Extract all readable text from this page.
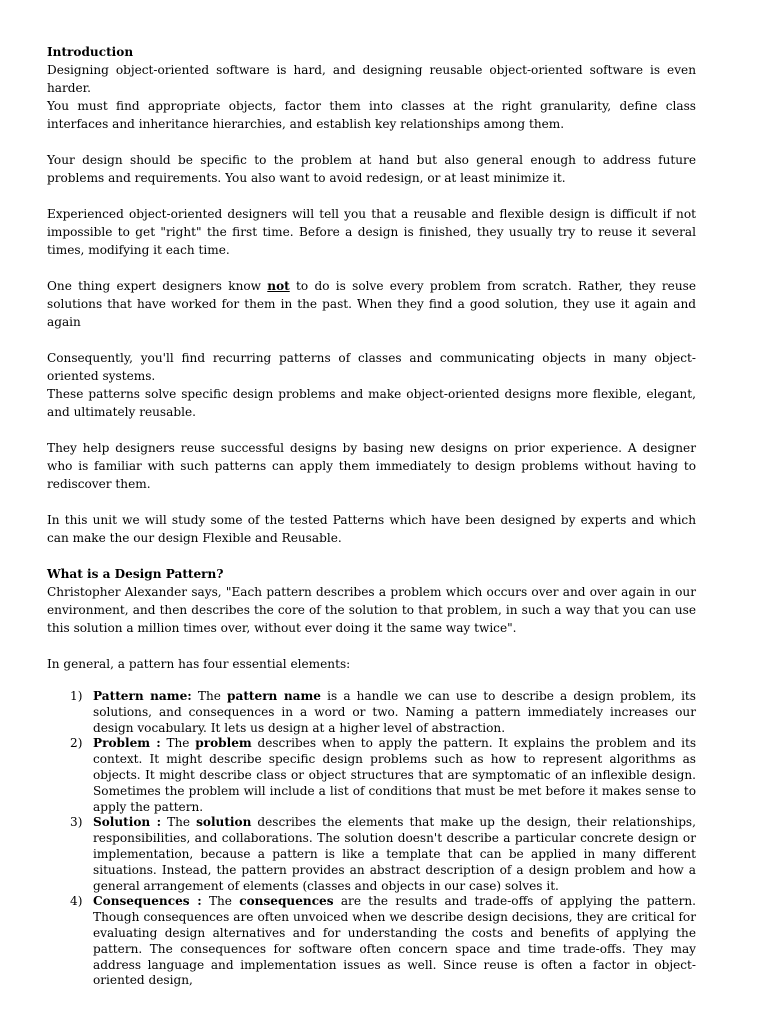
Introduction

Designing object-oriented software is hard, and designing reusable object-oriented software is even harder.

You must find appropriate objects, factor them into classes at the right granularity, define class interfaces and inheritance hierarchies, and establish key relationships among them.

Your design should be specific to the problem at hand but also general enough to address future problems and requirements. You also want to avoid redesign, or at least minimize it.

Experienced object-oriented designers will tell you that a reusable and flexible design is difficult if not impossible to get "right" the first time. Before a design is finished, they usually try to reuse it several times, modifying it each time.

One thing expert designers know not to do is solve every problem from scratch. Rather, they reuse solutions that have worked for them in the past. When they find a good solution, they use it again and again

Consequently, you'll find recurring patterns of classes and communicating objects in many object-oriented systems.

These patterns solve specific design problems and make object-oriented designs more flexible, elegant, and ultimately reusable.

They help designers reuse successful designs by basing new designs on prior experience. A designer who is familiar with such patterns can apply them immediately to design problems without having to rediscover them.

In this unit we will study some of the tested Patterns which have been designed by experts and which can make the our design Flexible and Reusable.

What is a Design Pattern?

Christopher Alexander says, "Each pattern describes a problem which occurs over and over again in our environment, and then describes the core of the solution to that problem, in such a way that you can use this solution a million times over, without ever doing it the same way twice".

In general, a pattern has four essential elements:

1) Pattern name: The pattern name is a handle we can use to describe a design problem, its solutions, and consequences in a word or two. Naming a pattern immediately increases our design vocabulary. It lets us design at a higher level of abstraction.
2) Problem : The problem describes when to apply the pattern. It explains the problem and its context. It might describe specific design problems such as how to represent algorithms as objects. It might describe class or object structures that are symptomatic of an inflexible design. Sometimes the problem will include a list of conditions that must be met before it makes sense to apply the pattern.
3) Solution : The solution describes the elements that make up the design, their relationships, responsibilities, and collaborations. The solution doesn't describe a particular concrete design or implementation, because a pattern is like a template that can be applied in many different situations. Instead, the pattern provides an abstract description of a design problem and how a general arrangement of elements (classes and objects in our case) solves it.
4) Consequences : The consequences are the results and trade-offs of applying the pattern. Though consequences are often unvoiced when we describe design decisions, they are critical for evaluating design alternatives and for understanding the costs and benefits of applying the pattern. The consequences for software often concern space and time trade-offs. They may address language and implementation issues as well. Since reuse is often a factor in object-oriented design,
